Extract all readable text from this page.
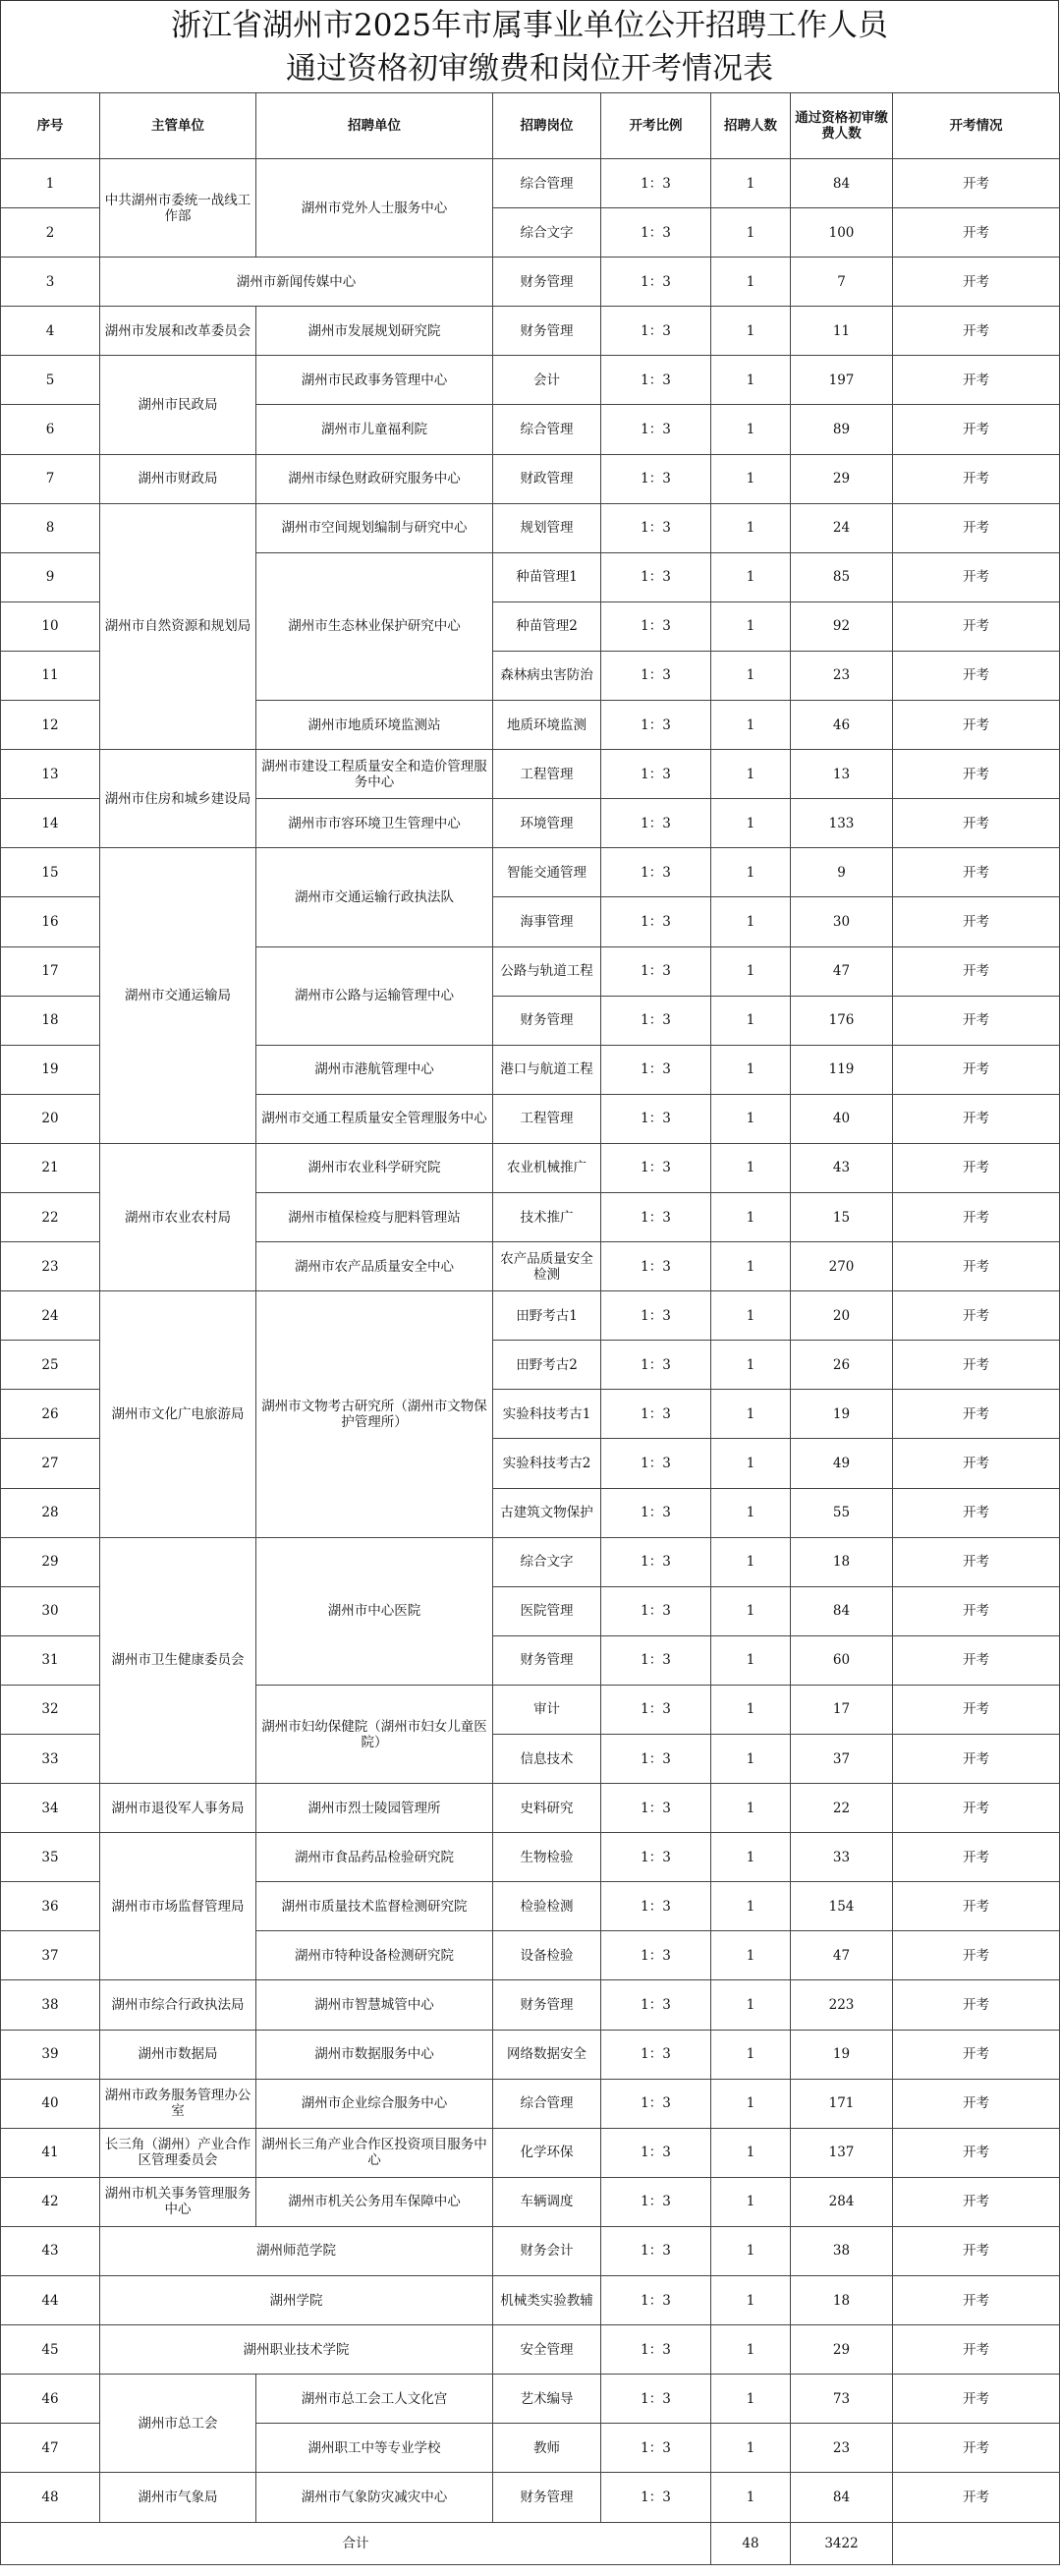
浙江省湖州市2025年市属事业单位公开招聘工作人员
通过资格初审缴费和岗位开考情况表
序号	主管单位	招聘单位	招聘岗位	开考比例	招聘人数	通过资格初审缴费人数	开考情况
1	中共湖州市委统一战线工作部	湖州市党外人士服务中心	综合管理	1：3	1	84	开考
2			综合文字	1：3	1	100	开考
3	湖州市新闻传媒中心		财务管理	1：3	1	7	开考
4	湖州市发展和改革委员会	湖州市发展规划研究院	财务管理	1：3	1	11	开考
5	湖州市民政局	湖州市民政事务管理中心	会计	1：3	1	197	开考
6		湖州市儿童福利院	综合管理	1：3	1	89	开考
7	湖州市财政局	湖州市绿色财政研究服务中心	财政管理	1：3	1	29	开考
8	湖州市自然资源和规划局	湖州市空间规划编制与研究中心	规划管理	1：3	1	24	开考
9		湖州市生态林业保护研究中心	种苗管理1	1：3	1	85	开考
10			种苗管理2	1：3	1	92	开考
11			森林病虫害防治	1：3	1	23	开考
12		湖州市地质环境监测站	地质环境监测	1：3	1	46	开考
13	湖州市住房和城乡建设局	湖州市建设工程质量安全和造价管理服务中心	工程管理	1：3	1	13	开考
14		湖州市市容环境卫生管理中心	环境管理	1：3	1	133	开考
15	湖州市交通运输局	湖州市交通运输行政执法队	智能交通管理	1：3	1	9	开考
16			海事管理	1：3	1	30	开考
17		湖州市公路与运输管理中心	公路与轨道工程	1：3	1	47	开考
18			财务管理	1：3	1	176	开考
19		湖州市港航管理中心	港口与航道工程	1：3	1	119	开考
20		湖州市交通工程质量安全管理服务中心	工程管理	1：3	1	40	开考
21	湖州市农业农村局	湖州市农业科学研究院	农业机械推广	1：3	1	43	开考
22		湖州市植保检疫与肥料管理站	技术推广	1：3	1	15	开考
23		湖州市农产品质量安全中心	农产品质量安全检测	1：3	1	270	开考
24	湖州市文化广电旅游局	湖州市文物考古研究所（湖州市文物保护管理所）	田野考古1	1：3	1	20	开考
25			田野考古2	1：3	1	26	开考
26			实验科技考古1	1：3	1	19	开考
27			实验科技考古2	1：3	1	49	开考
28			古建筑文物保护	1：3	1	55	开考
29	湖州市卫生健康委员会	湖州市中心医院	综合文字	1：3	1	18	开考
30			医院管理	1：3	1	84	开考
31			财务管理	1：3	1	60	开考
32		湖州市妇幼保健院（湖州市妇女儿童医院）	审计	1：3	1	17	开考
33			信息技术	1：3	1	37	开考
34	湖州市退役军人事务局	湖州市烈士陵园管理所	史料研究	1：3	1	22	开考
35	湖州市市场监督管理局	湖州市食品药品检验研究院	生物检验	1：3	1	33	开考
36		湖州市质量技术监督检测研究院	检验检测	1：3	1	154	开考
37		湖州市特种设备检测研究院	设备检验	1：3	1	47	开考
38	湖州市综合行政执法局	湖州市智慧城管中心	财务管理	1：3	1	223	开考
39	湖州市数据局	湖州市数据服务中心	网络数据安全	1：3	1	19	开考
40	湖州市政务服务管理办公室	湖州市企业综合服务中心	综合管理	1：3	1	171	开考
41	长三角（湖州）产业合作区管理委员会	湖州长三角产业合作区投资项目服务中心	化学环保	1：3	1	137	开考
42	湖州市机关事务管理服务中心	湖州市机关公务用车保障中心	车辆调度	1：3	1	284	开考
43	湖州师范学院		财务会计	1：3	1	38	开考
44	湖州学院		机械类实验教辅	1：3	1	18	开考
45	湖州职业技术学院		安全管理	1：3	1	29	开考
46	湖州市总工会	湖州市总工会工人文化宫	艺术编导	1：3	1	73	开考
47		湖州职工中等专业学校	教师	1：3	1	23	开考
48	湖州市气象局	湖州市气象防灾减灾中心	财务管理	1：3	1	84	开考
合计					48	3422	
